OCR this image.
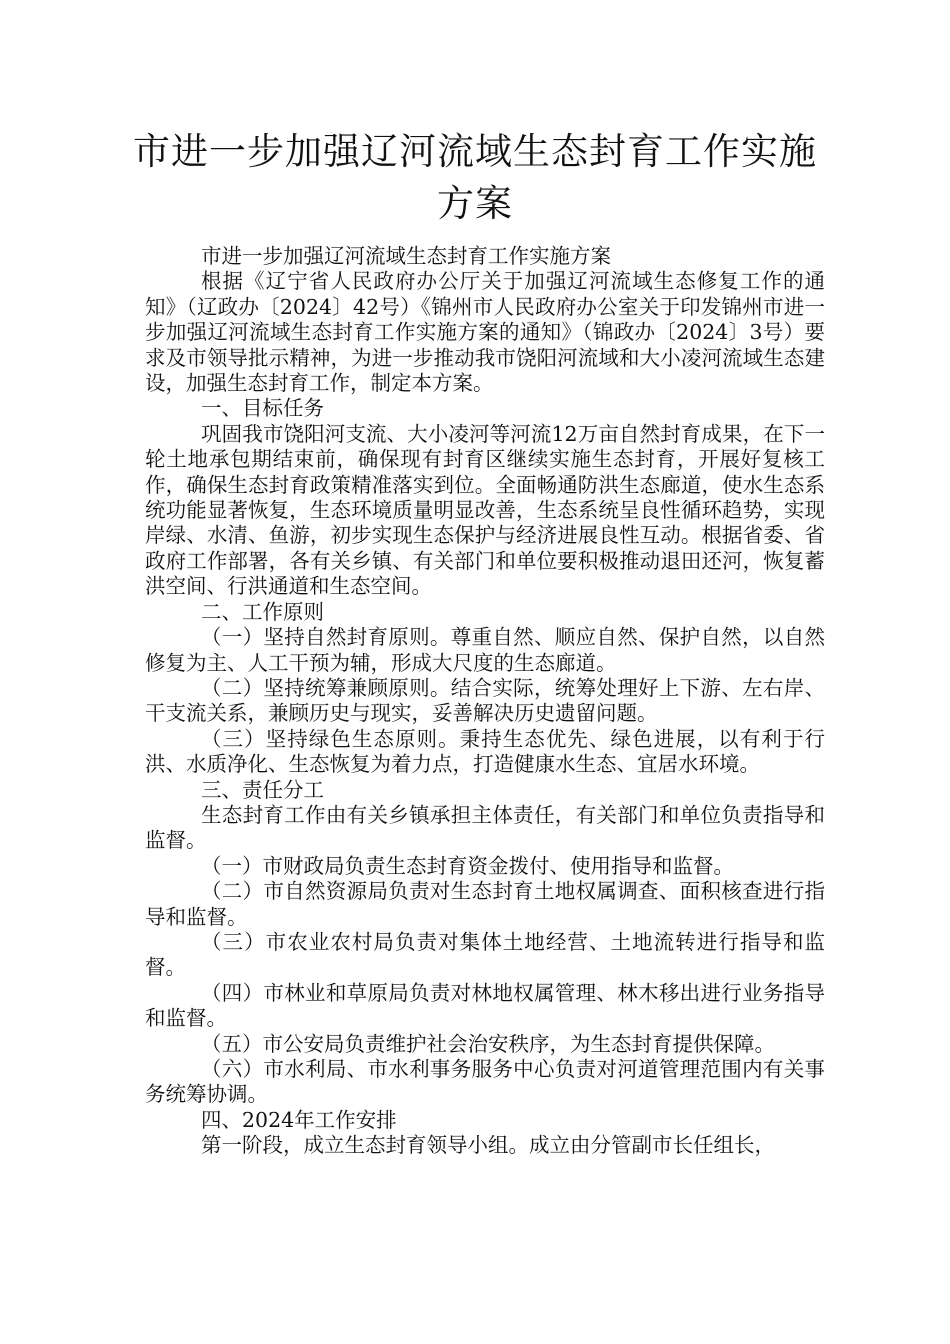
市进一步加强辽河流域生态封育工作实施
方案

市进一步加强辽河流域生态封育工作实施方案

根据《辽宁省人民政府办公厅关于加强辽河流域生态修复工作的通知》（辽政办〔2024〕42号）《锦州市人民政府办公室关于印发锦州市进一步加强辽河流域生态封育工作实施方案的通知》（锦政办〔2024〕3号）要求及市领导批示精神，为进一步推动我市饶阳河流域和大小凌河流域生态建设，加强生态封育工作，制定本方案。

一、目标任务

巩固我市饶阳河支流、大小凌河等河流12万亩自然封育成果，在下一轮土地承包期结束前，确保现有封育区继续实施生态封育，开展好复核工作，确保生态封育政策精准落实到位。全面畅通防洪生态廊道，使水生态系统功能显著恢复，生态环境质量明显改善，生态系统呈良性循环趋势，实现岸绿、水清、鱼游，初步实现生态保护与经济进展良性互动。根据省委、省政府工作部署，各有关乡镇、有关部门和单位要积极推动退田还河，恢复蓄洪空间、行洪通道和生态空间。

二、工作原则

（一）坚持自然封育原则。尊重自然、顺应自然、保护自然，以自然修复为主、人工干预为辅，形成大尺度的生态廊道。

（二）坚持统筹兼顾原则。结合实际，统筹处理好上下游、左右岸、干支流关系，兼顾历史与现实，妥善解决历史遗留问题。

（三）坚持绿色生态原则。秉持生态优先、绿色进展，以有利于行洪、水质净化、生态恢复为着力点，打造健康水生态、宜居水环境。

三、责任分工

生态封育工作由有关乡镇承担主体责任，有关部门和单位负责指导和监督。

（一）市财政局负责生态封育资金拨付、使用指导和监督。

（二）市自然资源局负责对生态封育土地权属调查、面积核查进行指导和监督。

（三）市农业农村局负责对集体土地经营、土地流转进行指导和监督。

（四）市林业和草原局负责对林地权属管理、林木移出进行业务指导和监督。

（五）市公安局负责维护社会治安秩序，为生态封育提供保障。

（六）市水利局、市水利事务服务中心负责对河道管理范围内有关事务统筹协调。

四、2024年工作安排

第一阶段，成立生态封育领导小组。成立由分管副市长任组长，
